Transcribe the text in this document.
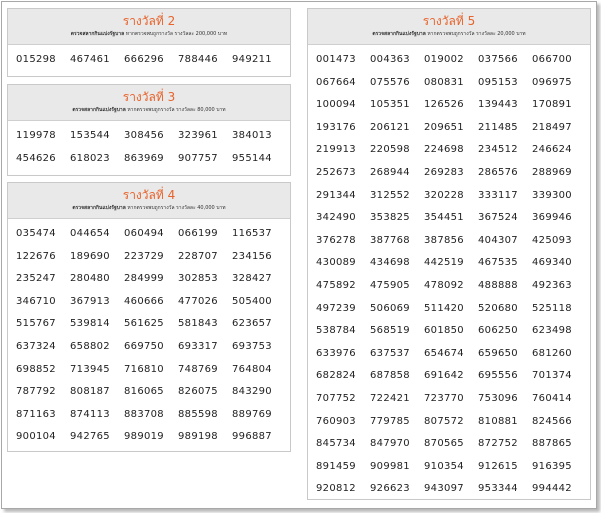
รางวัลที่ 2
ตรวจสลากกินแบ่งรัฐบาล หากตรวจพบถูกรางวัล รางวัลละ 200,000 บาท
015298	467461	666296	788446	949211
รางวัลที่ 3
ตรวจสลากกินแบ่งรัฐบาล หากตรวจพบถูกรางวัล รางวัลละ 80,000 บาท
119978	153544	308456	323961	384013
454626	618023	863969	907757	955144
รางวัลที่ 4
ตรวจสลากกินแบ่งรัฐบาล หากตรวจพบถูกรางวัล รางวัลละ 40,000 บาท
035474	044654	060494	066199	116537
122676	189690	223729	228707	234156
235247	280480	284999	302853	328427
346710	367913	460666	477026	505400
515767	539814	561625	581843	623657
637324	658802	669750	693317	693753
698852	713945	716810	748769	764804
787792	808187	816065	826075	843290
871163	874113	883708	885598	889769
900104	942765	989019	989198	996887
รางวัลที่ 5
ตรวจสลากกินแบ่งรัฐบาล หากตรวจพบถูกรางวัล รางวัลละ 20,000 บาท
001473	004363	019002	037566	066700
067664	075576	080831	095153	096975
100094	105351	126526	139443	170891
193176	206121	209651	211485	218497
219913	220598	224698	234512	246624
252673	268944	269283	286576	288969
291344	312552	320228	333117	339300
342490	353825	354451	367524	369946
376278	387768	387856	404307	425093
430089	434698	442519	467535	469340
475892	475905	478092	488888	492363
497239	506069	511420	520680	525118
538784	568519	601850	606250	623498
633976	637537	654674	659650	681260
682824	687858	691642	695556	701374
707752	722421	723770	753096	760414
760903	779785	807572	810881	824566
845734	847970	870565	872752	887865
891459	909981	910354	912615	916395
920812	926623	943097	953344	994442
